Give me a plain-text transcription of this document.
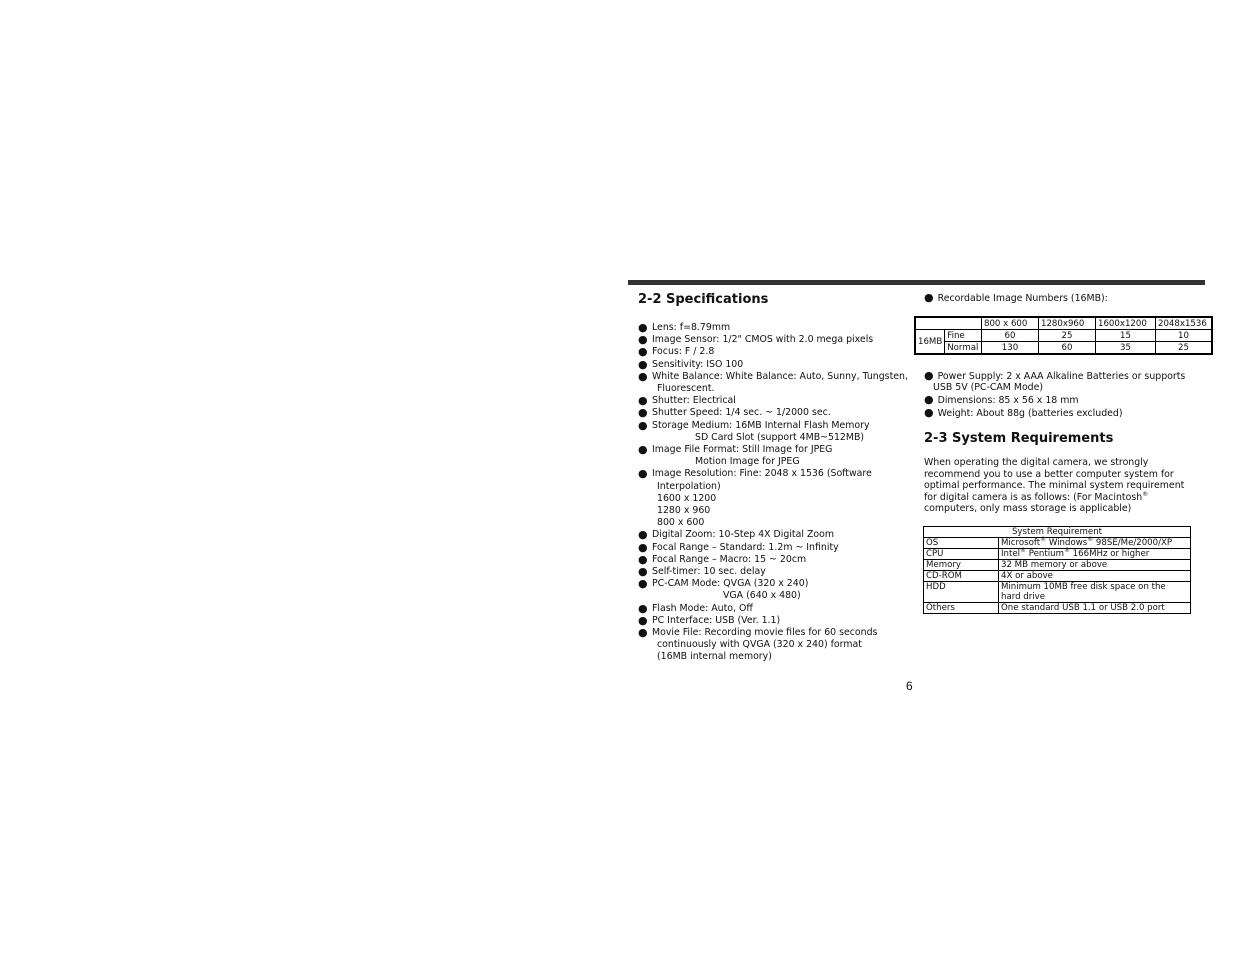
2-2 Specifications
● Lens: f=8.79mm
● Image Sensor: 1/2" CMOS with 2.0 mega pixels
● Focus: F / 2.8
● Sensitivity: ISO 100
● White Balance: White Balance: Auto, Sunny, Tungsten,
Fluorescent.
● Shutter: Electrical
● Shutter Speed: 1/4 sec. ~ 1/2000 sec.
● Storage Medium: 16MB Internal Flash Memory
SD Card Slot (support 4MB~512MB)
● Image File Format: Still Image for JPEG
Motion Image for JPEG
● Image Resolution: Fine: 2048 x 1536 (Software
Interpolation)
1600 x 1200
1280 x 960
800 x 600
● Digital Zoom: 10-Step 4X Digital Zoom
● Focal Range – Standard: 1.2m ~ Infinity
● Focal Range – Macro: 15 ~ 20cm
● Self-timer: 10 sec. delay
● PC-CAM Mode: QVGA (320 x 240)
VGA (640 x 480)
● Flash Mode: Auto, Off
● PC Interface: USB (Ver. 1.1)
● Movie File: Recording movie files for 60 seconds
continuously with QVGA (320 x 240) format
(16MB internal memory)
● Recordable Image Numbers (16MB):
		800 x 600	1280x960	1600x1200	2048x1536
16MB	Fine	60	25	15	10
	Normal	130	60	35	25
● Power Supply: 2 x AAA Alkaline Batteries or supports
USB 5V (PC-CAM Mode)
● Dimensions: 85 x 56 x 18 mm
● Weight: About 88g (batteries excluded)
2-3 System Requirements
When operating the digital camera, we strongly
recommend you to use a better computer system for
optimal performance. The minimal system requirement
for digital camera is as follows: (For Macintosh®
computers, only mass storage is applicable)
System Requirement	
OS	Microsoft® Windows® 98SE/Me/2000/XP
CPU	Intel® Pentium® 166MHz or higher
Memory	32 MB memory or above
CD-ROM	4X or above
HDD	Minimum 10MB free disk space on the
hard drive

Others	One standard USB 1.1 or USB 2.0 port
6
